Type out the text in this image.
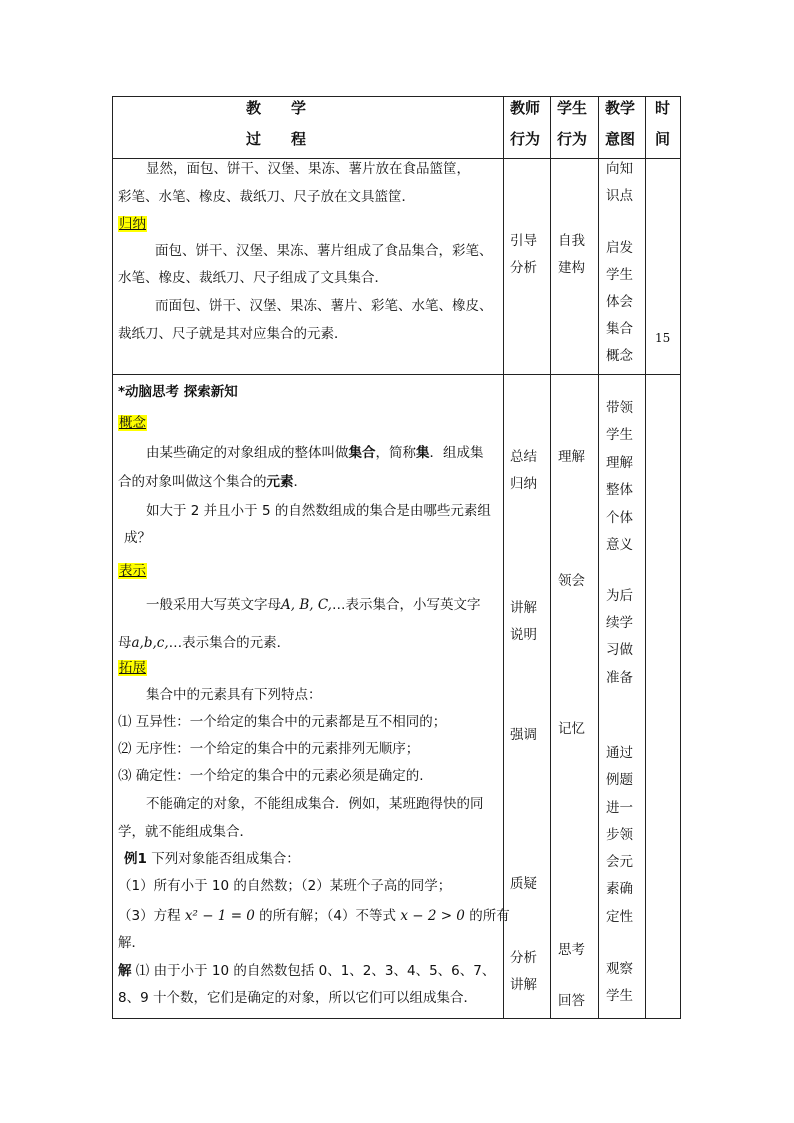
教　　学
过　　程
教师
行为
学生
行为
教学
意图
时
间
显然，面包、饼干、汉堡、果冻、薯片放在食品篮筐，
彩笔、水笔、橡皮、裁纸刀、尺子放在文具篮筐．
归纳
面包、饼干、汉堡、果冻、薯片组成了食品集合，彩笔、
水笔、橡皮、裁纸刀、尺子组成了文具集合．
而面包、饼干、汉堡、果冻、薯片、彩笔、水笔、橡皮、
裁纸刀、尺子就是其对应集合的元素．
引导
分析
自我
建构
向知
识点
启发
学生
体会
集合
概念
15
*动脑思考 探索新知
概念
由某些确定的对象组成的整体叫做集合，简称集．组成集
合的对象叫做这个集合的元素．
如大于 2 并且小于 5 的自然数组成的集合是由哪些元素组
成？
表示
一般采用大写英文字母A, B, C,…表示集合，小写英文字
母a,b,c,…表示集合的元素．
拓展
集合中的元素具有下列特点：
⑴ 互异性：一个给定的集合中的元素都是互不相同的；
⑵ 无序性：一个给定的集合中的元素排列无顺序；
⑶ 确定性：一个给定的集合中的元素必须是确定的.
不能确定的对象，不能组成集合．例如，某班跑得快的同
学，就不能组成集合．
例1 下列对象能否组成集合：
（1）所有小于 10 的自然数；（2）某班个子高的同学；
（3）方程 x² − 1 = 0 的所有解；（4）不等式 x − 2 > 0 的所有
解．
解 ⑴ 由于小于 10 的自然数包括 0、1、2、3、4、5、6、7、
8、9 十个数，它们是确定的对象，所以它们可以组成集合．
总结
归纳
讲解
说明
强调
质疑
分析
讲解
理解
领会
记忆
思考
回答
带领
学生
理解
整体
个体
意义
为后
续学
习做
准备
通过
例题
进一
步领
会元
素确
定性
观察
学生
